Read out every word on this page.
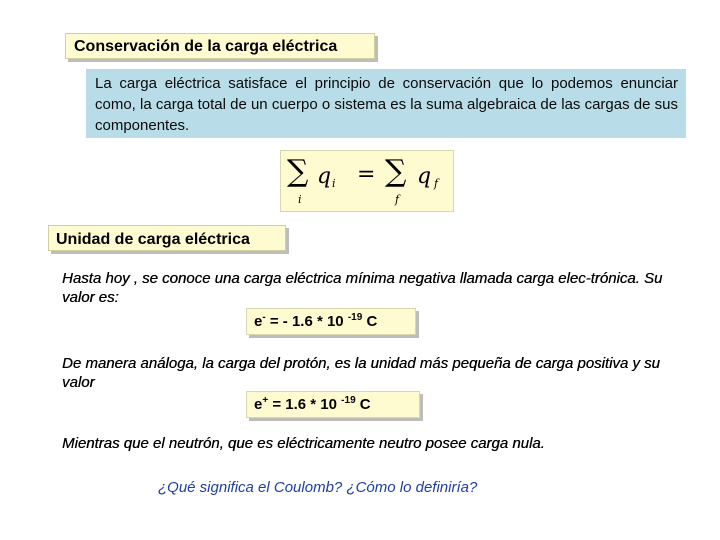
Conservación de la carga eléctrica
La carga eléctrica satisface el principio de conservación que lo podemos enunciar como, la carga total de un cuerpo o sistema es la suma algebraica de las cargas de sus componentes.
∑ q i
i
= ∑ q f
f
Unidad de carga eléctrica
Hasta hoy , se conoce una carga eléctrica mínima negativa llamada carga elec-trónica. Su valor es:
e- = - 1.6 * 10 $^{-19}$ C
De manera análoga, la carga del protón, es la unidad más pequeña de carga positiva y su valor
e+ = 1.6 * 10 $^{-19}$ C
Mientras que el neutrón, que es eléctricamente neutro posee carga nula.
¿Qué significa el Coulomb? ¿Cómo lo definiría?
